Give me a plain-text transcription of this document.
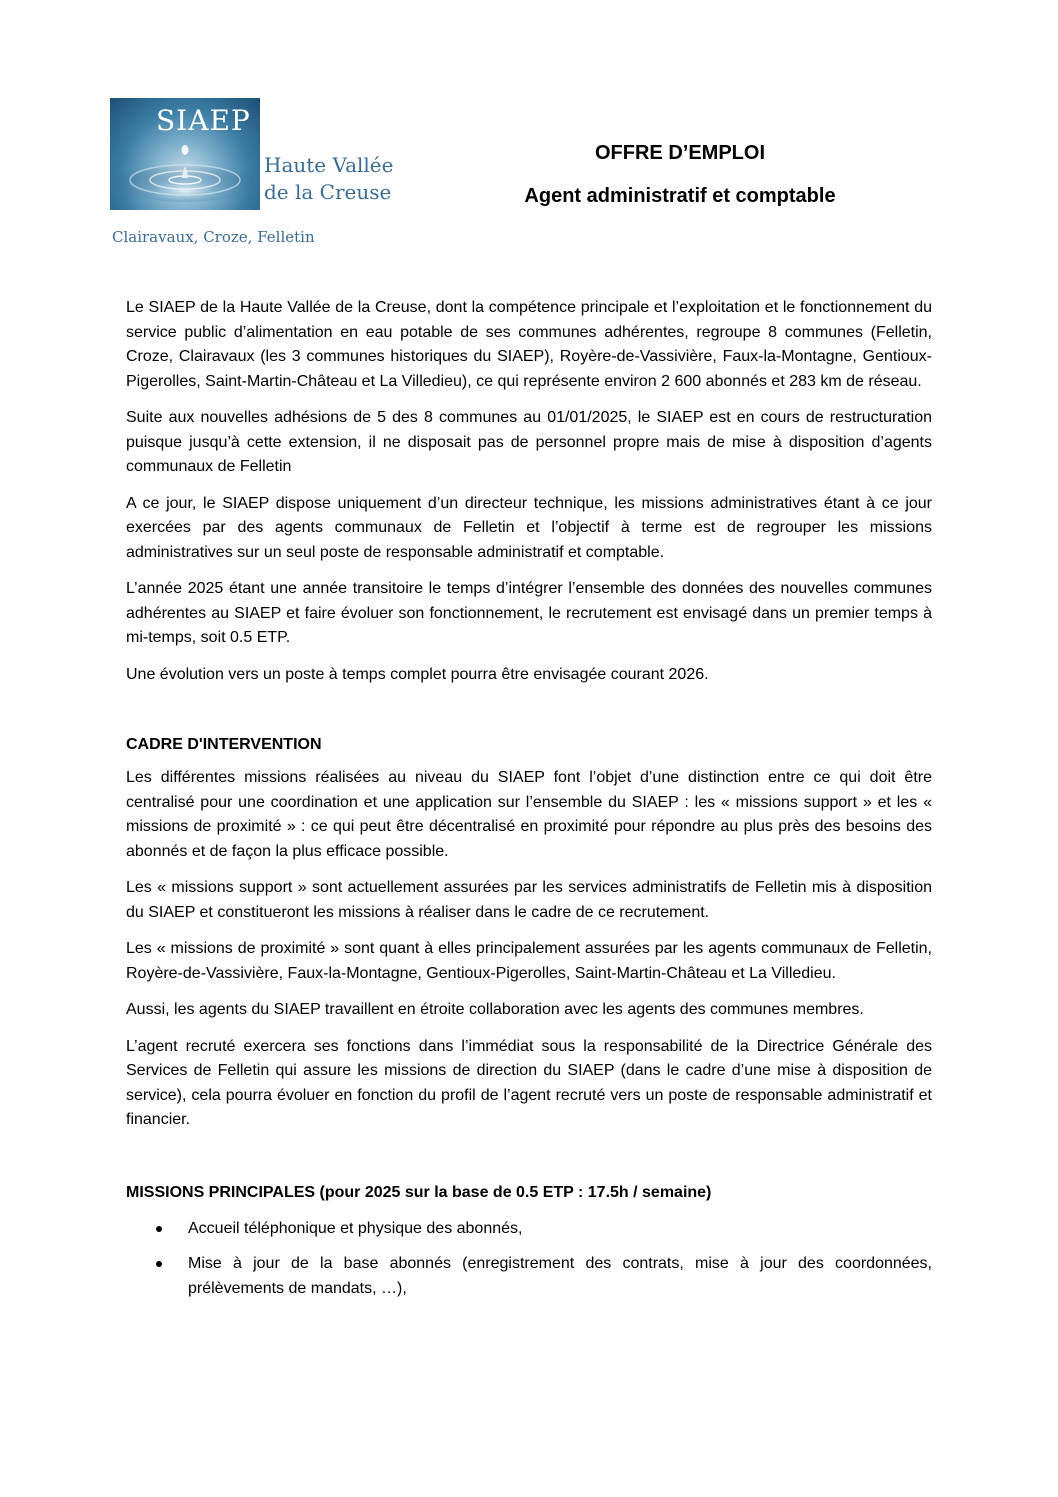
SIAEP
Haute Vallée de la Creuse
Clairavaux, Croze, Felletin
OFFRE D’EMPLOI
Agent administratif et comptable

Le SIAEP de la Haute Vallée de la Creuse, dont la compétence principale et l’exploitation et le fonctionnement du service public d’alimentation en eau potable de ses communes adhérentes, regroupe 8 communes (Felletin, Croze, Clairavaux (les 3 communes historiques du SIAEP), Royère-de-Vassivière, Faux-la-Montagne, Gentioux-Pigerolles, Saint-Martin-Château et La Villedieu), ce qui représente environ 2 600 abonnés et 283 km de réseau.

Suite aux nouvelles adhésions de 5 des 8 communes au 01/01/2025, le SIAEP est en cours de restructuration puisque jusqu’à cette extension, il ne disposait pas de personnel propre mais de mise à disposition d’agents communaux de Felletin

A ce jour, le SIAEP dispose uniquement d’un directeur technique, les missions administratives étant à ce jour exercées par des agents communaux de Felletin et l’objectif à terme est de regrouper les missions administratives sur un seul poste de responsable administratif et comptable.

L’année 2025 étant une année transitoire le temps d’intégrer l’ensemble des données des nouvelles communes adhérentes au SIAEP et faire évoluer son fonctionnement, le recrutement est envisagé dans un premier temps à mi-temps, soit 0.5 ETP.

Une évolution vers un poste à temps complet pourra être envisagée courant 2026.

CADRE D'INTERVENTION

Les différentes missions réalisées au niveau du SIAEP font l’objet d’une distinction entre ce qui doit être centralisé pour une coordination et une application sur l’ensemble du SIAEP : les « missions support » et les « missions de proximité » : ce qui peut être décentralisé en proximité pour répondre au plus près des besoins des abonnés et de façon la plus efficace possible.

Les « missions support » sont actuellement assurées par les services administratifs de Felletin mis à disposition du SIAEP et constitueront les missions à réaliser dans le cadre de ce recrutement.

Les « missions de proximité » sont quant à elles principalement assurées par les agents communaux de Felletin, Royère-de-Vassivière, Faux-la-Montagne, Gentioux-Pigerolles, Saint-Martin-Château et La Villedieu.

Aussi, les agents du SIAEP travaillent en étroite collaboration avec les agents des communes membres.

L’agent recruté exercera ses fonctions dans l’immédiat sous la responsabilité de la Directrice Générale des Services de Felletin qui assure les missions de direction du SIAEP (dans le cadre d’une mise à disposition de service), cela pourra évoluer en fonction du profil de l’agent recruté vers un poste de responsable administratif et financier.

MISSIONS PRINCIPALES (pour 2025 sur la base de 0.5 ETP : 17.5h / semaine)
Accueil téléphonique et physique des abonnés,
Mise à jour de la base abonnés (enregistrement des contrats, mise à jour des coordonnées, prélèvements de mandats, …),
